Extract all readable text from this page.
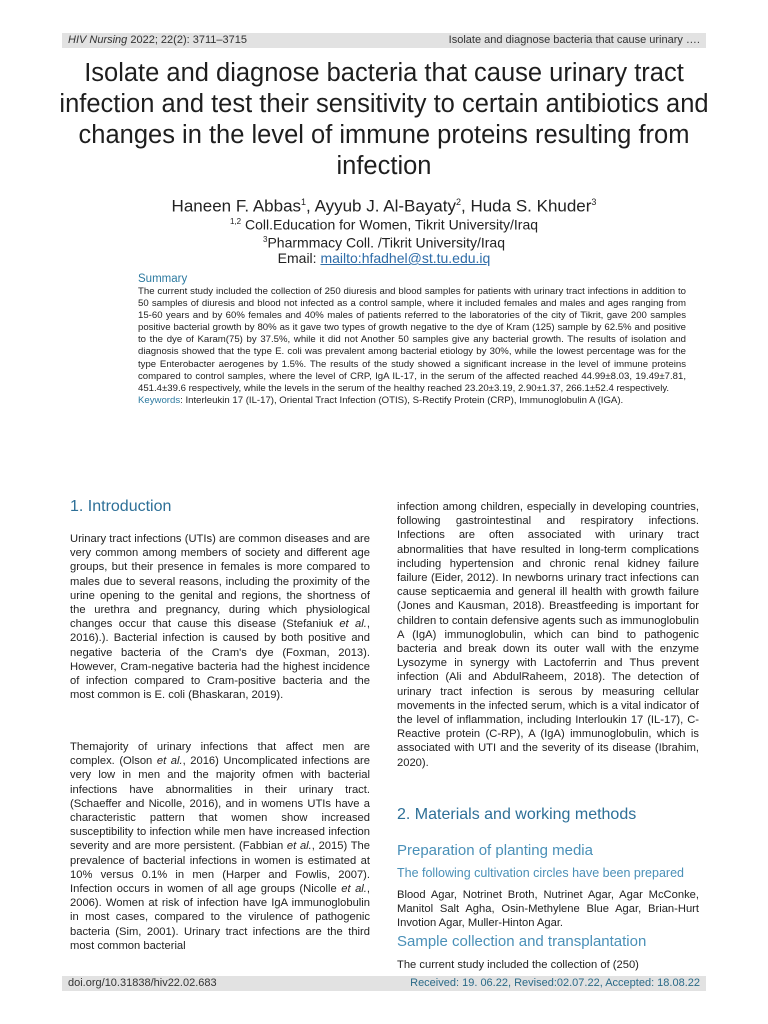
HIV Nursing 2022; 22(2): 3711–3715	Isolate and diagnose bacteria that cause urinary ….
Isolate and diagnose bacteria that cause urinary tract infection and test their sensitivity to certain antibiotics and changes in the level of immune proteins resulting from infection
Haneen F. Abbas$^1$, Ayyub J. Al-Bayaty$^2$, Huda S. Khuder$^3$
$^{1,2}$ Coll.Education for Women, Tikrit University/Iraq
$^3$Pharmmacy Coll. /Tikrit University/Iraq
Email: mailto:hfadhel@st.tu.edu.iq
Summary
The current study included the collection of 250 diuresis and blood samples for patients with urinary tract infections in addition to 50 samples of diuresis and blood not infected as a control sample, where it included females and males and ages ranging from 15-60 years and by 60% females and 40% males of patients referred to the laboratories of the city of Tikrit, gave 200 samples positive bacterial growth by 80% as it gave two types of growth negative to the dye of Kram (125) sample by 62.5% and positive to the dye of Karam(75) by 37.5%, while it did not Another 50 samples give any bacterial growth. The results of isolation and diagnosis showed that the type E. coli was prevalent among bacterial etiology by 30%, while the lowest percentage was for the type Enterobacter aerogenes by 1.5%. The results of the study showed a significant increase in the level of immune proteins compared to control samples, where the level of CRP, IgA IL-17, in the serum of the affected reached 44.99±8.03, 19.49±7.81, 451.4±39.6 respectively, while the levels in the serum of the healthy reached 23.20±3.19, 2.90±1.37, 266.1±52.4 respectively.
Keywords: Interleukin 17 (IL-17), Oriental Tract Infection (OTIS), S-Rectify Protein (CRP), Immunoglobulin A (IGA).
1. Introduction
Urinary tract infections (UTIs) are common diseases and are very common among members of society and different age groups, but their presence in females is more compared to males due to several reasons, including the proximity of the urine opening to the genital and regions, the shortness of the urethra and pregnancy, during which physiological changes occur that cause this disease (Stefaniuk et al., 2016).). Bacterial infection is caused by both positive and negative bacteria of the Cram's dye (Foxman, 2013). However, Cram-negative bacteria had the highest incidence of infection compared to Cram-positive bacteria and the most common is E. coli (Bhaskaran, 2019).
Themajority of urinary infections that affect men are complex. (Olson et al., 2016) Uncomplicated infections are very low in men and the majority ofmen with bacterial infections have abnormalities in their urinary tract. (Schaeffer and Nicolle, 2016), and in womens UTIs have a characteristic pattern that women show increased susceptibility to infection while men have increased infection severity and are more persistent. (Fabbian et al., 2015) The prevalence of bacterial infections in women is estimated at 10% versus 0.1% in men (Harper and Fowlis, 2007). Infection occurs in women of all age groups (Nicolle et al., 2006). Women at risk of infection have IgA immunoglobulin in most cases, compared to the virulence of pathogenic bacteria (Sim, 2001). Urinary tract infections are the third most common bacterial
infection among children, especially in developing countries, following gastrointestinal and respiratory infections. Infections are often associated with urinary tract abnormalities that have resulted in long-term complications including hypertension and chronic renal kidney failure failure (Eider, 2012). In newborns urinary tract infections can cause septicaemia and general ill health with growth failure (Jones and Kausman, 2018). Breastfeeding is important for children to contain defensive agents such as immunoglobulin A (IgA) immunoglobulin, which can bind to pathogenic bacteria and break down its outer wall with the enzyme Lysozyme in synergy with Lactoferrin and Thus prevent infection (Ali and AbdulRaheem, 2018). The detection of urinary tract infection is serous by measuring cellular movements in the infected serum, which is a vital indicator of the level of inflammation, including Interloukin 17 (IL-17), C-Reactive protein (C-RP), A (IgA) immunoglobulin, which is associated with UTI and the severity of its disease (Ibrahim, 2020).
2. Materials and working methods
Preparation of planting media
The following cultivation circles have been prepared
Blood Agar, Notrinet Broth, Nutrinet Agar, Agar McConke, Manitol Salt Agha, Osin-Methylene Blue Agar, Brian-Hurt Invotion Agar, Muller-Hinton Agar.
Sample collection and transplantation
The current study included the collection of (250)
doi.org/10.31838/hiv22.02.683	Received: 19. 06.22, Revised:02.07.22, Accepted: 18.08.22
